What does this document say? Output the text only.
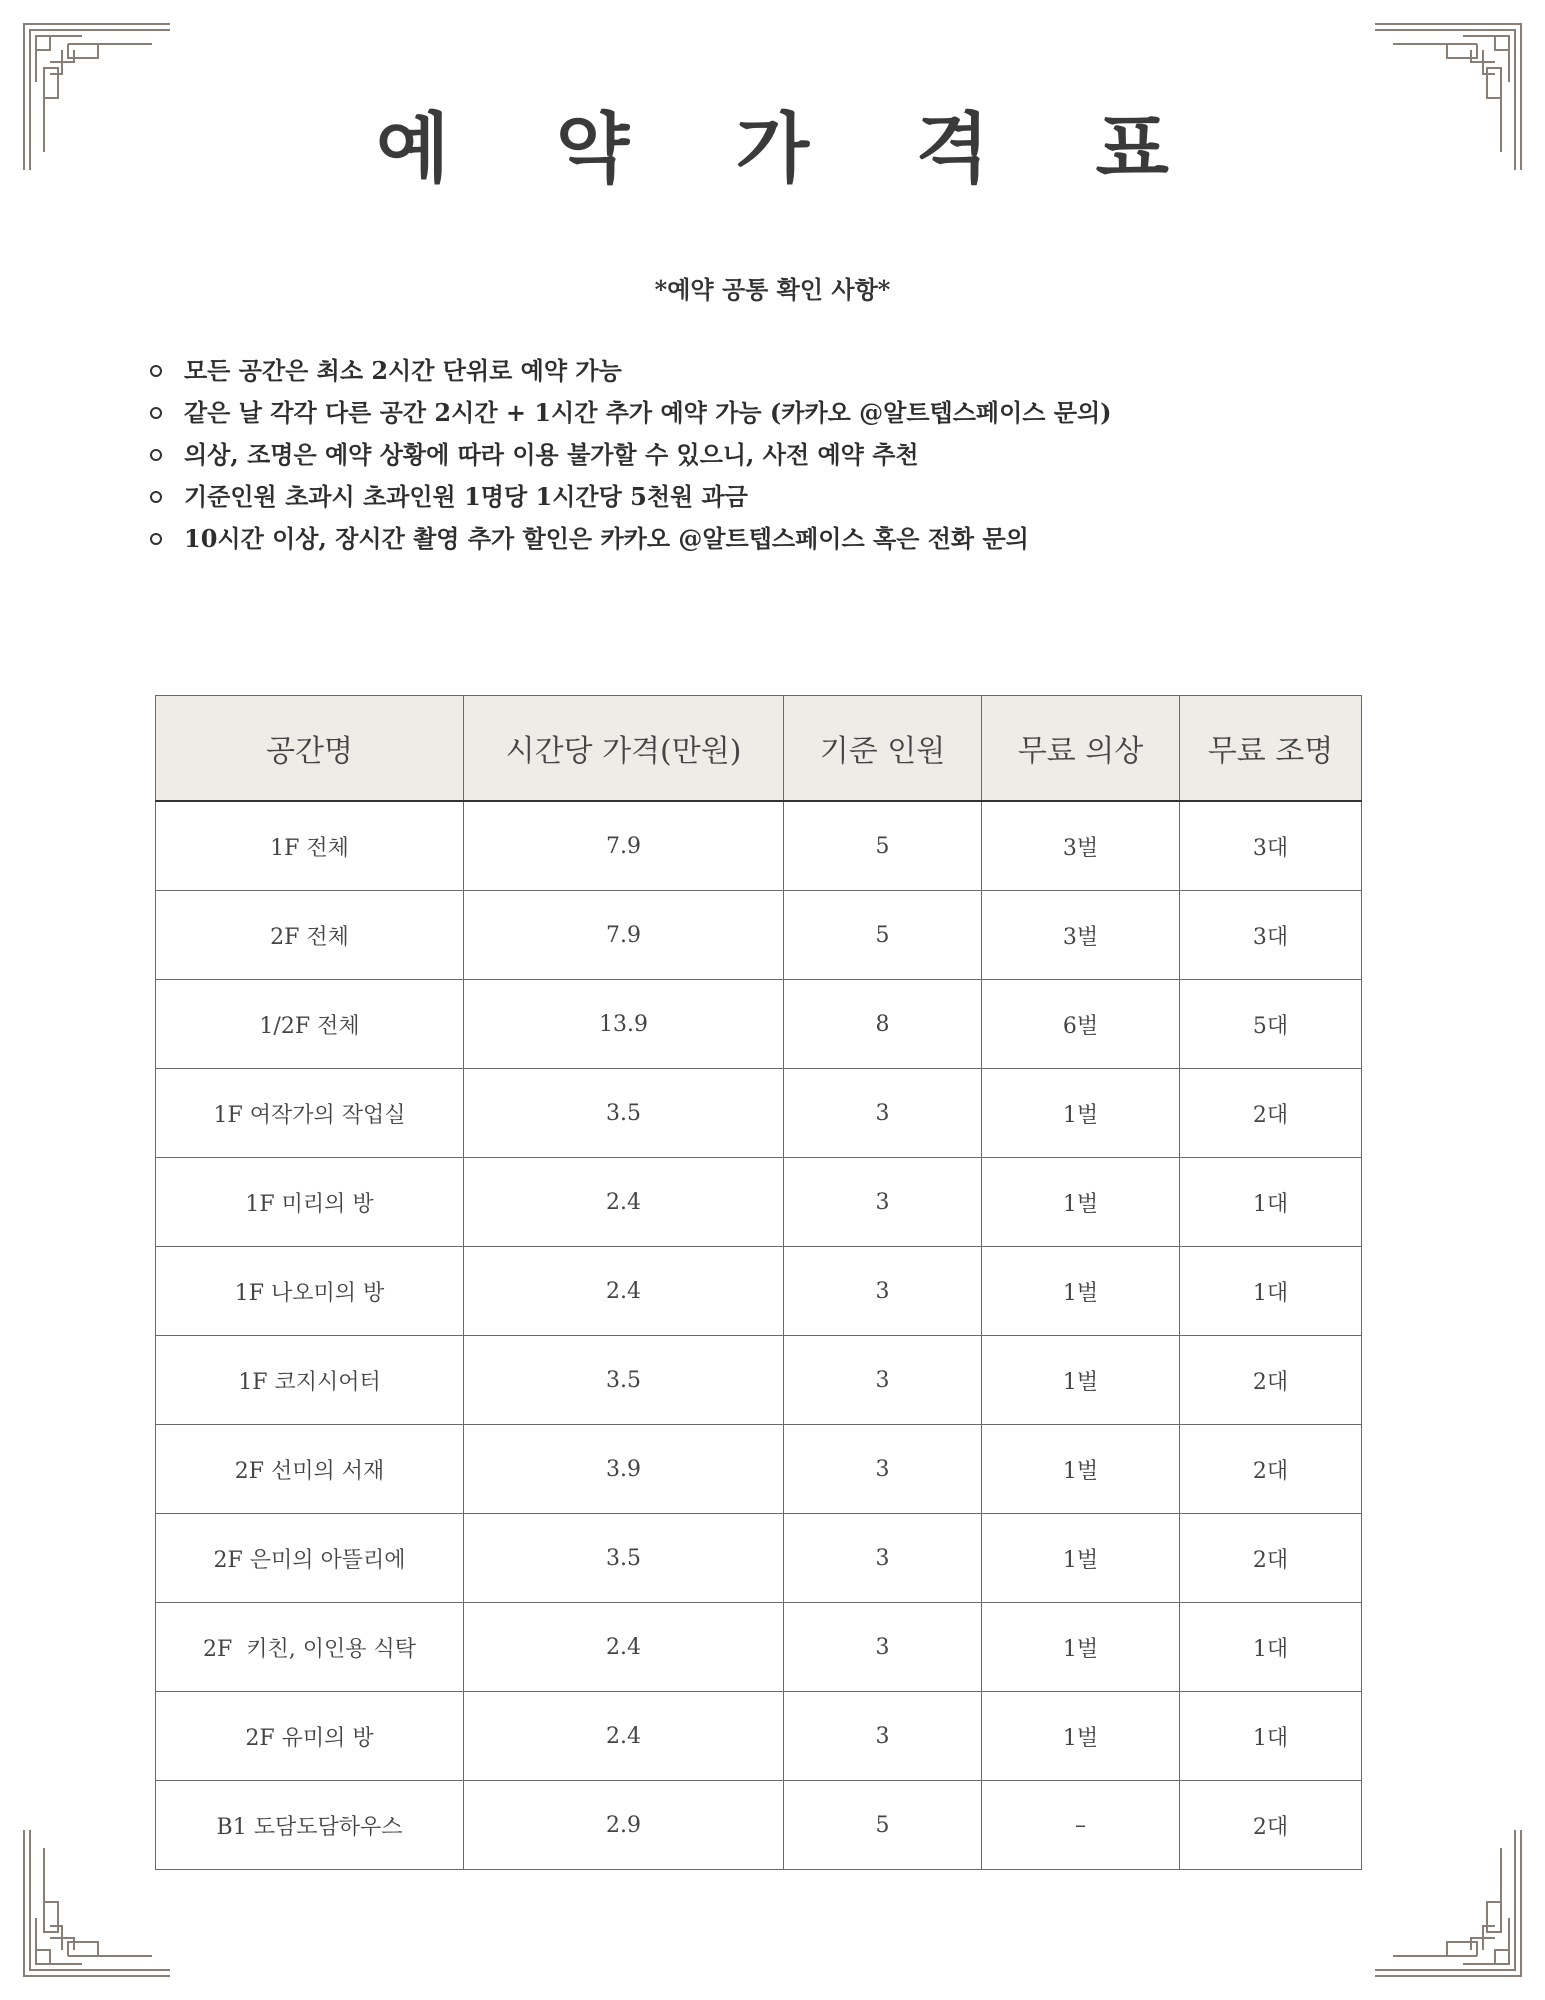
예 약 가 격 표
*예약 공통 확인 사항*
모든 공간은 최소 2시간 단위로 예약 가능
같은 날 각각 다른 공간 2시간 + 1시간 추가 예약 가능 (카카오 @알트텝스페이스 문의)
의상, 조명은 예약 상황에 따라 이용 불가할 수 있으니, 사전 예약 추천
기준인원 초과시 초과인원 1명당 1시간당 5천원 과금
10시간 이상, 장시간 촬영 추가 할인은 카카오 @알트텝스페이스 혹은 전화 문의
공간명	시간당 가격(만원)	기준 인원	무료 의상	무료 조명
1F 전체	7.9	5	3벌	3대
2F 전체	7.9	5	3벌	3대
1/2F 전체	13.9	8	6벌	5대
1F 여작가의 작업실	3.5	3	1벌	2대
1F 미리의 방	2.4	3	1벌	1대
1F 나오미의 방	2.4	3	1벌	1대
1F 코지시어터	3.5	3	1벌	2대
2F 선미의 서재	3.9	3	1벌	2대
2F 은미의 아뜰리에	3.5	3	1벌	2대
2F  키친, 이인용 식탁	2.4	3	1벌	1대
2F 유미의 방	2.4	3	1벌	1대
B1 도담도담하우스	2.9	5	–	2대
